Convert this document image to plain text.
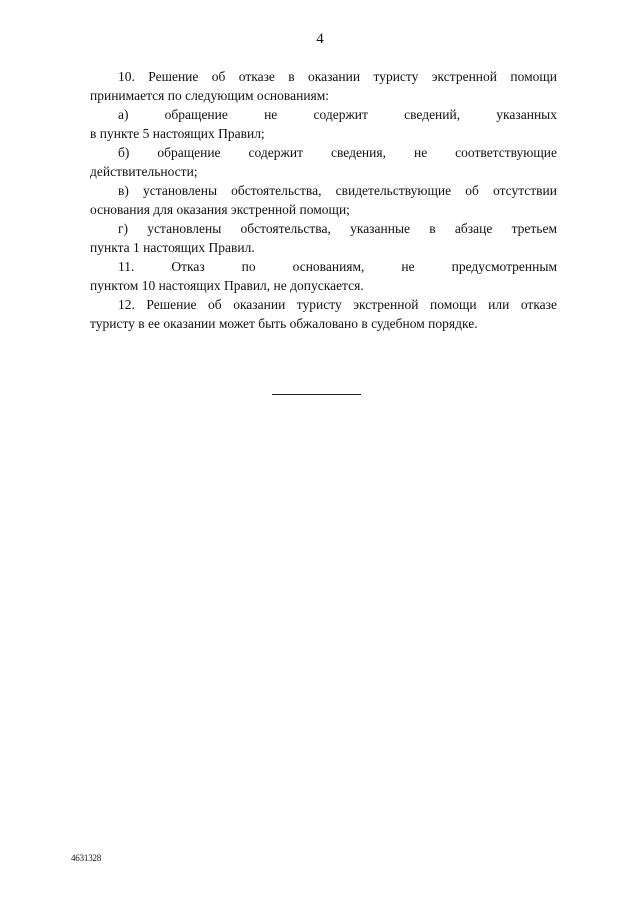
4
10. Решение об отказе в оказании туристу экстренной помощи
принимается по следующим основаниям:
а) обращение не содержит сведений, указанных
в пункте 5 настоящих Правил;
б) обращение содержит сведения, не соответствующие
действительности;
в) установлены обстоятельства, свидетельствующие об отсутствии
основания для оказания экстренной помощи;
г) установлены обстоятельства, указанные в абзаце третьем
пункта 1 настоящих Правил.
11. Отказ по основаниям, не предусмотренным
пунктом 10 настоящих Правил, не допускается.
12. Решение об оказании туристу экстренной помощи или отказе
туристу в ее оказании может быть обжаловано в судебном порядке.
4631328
